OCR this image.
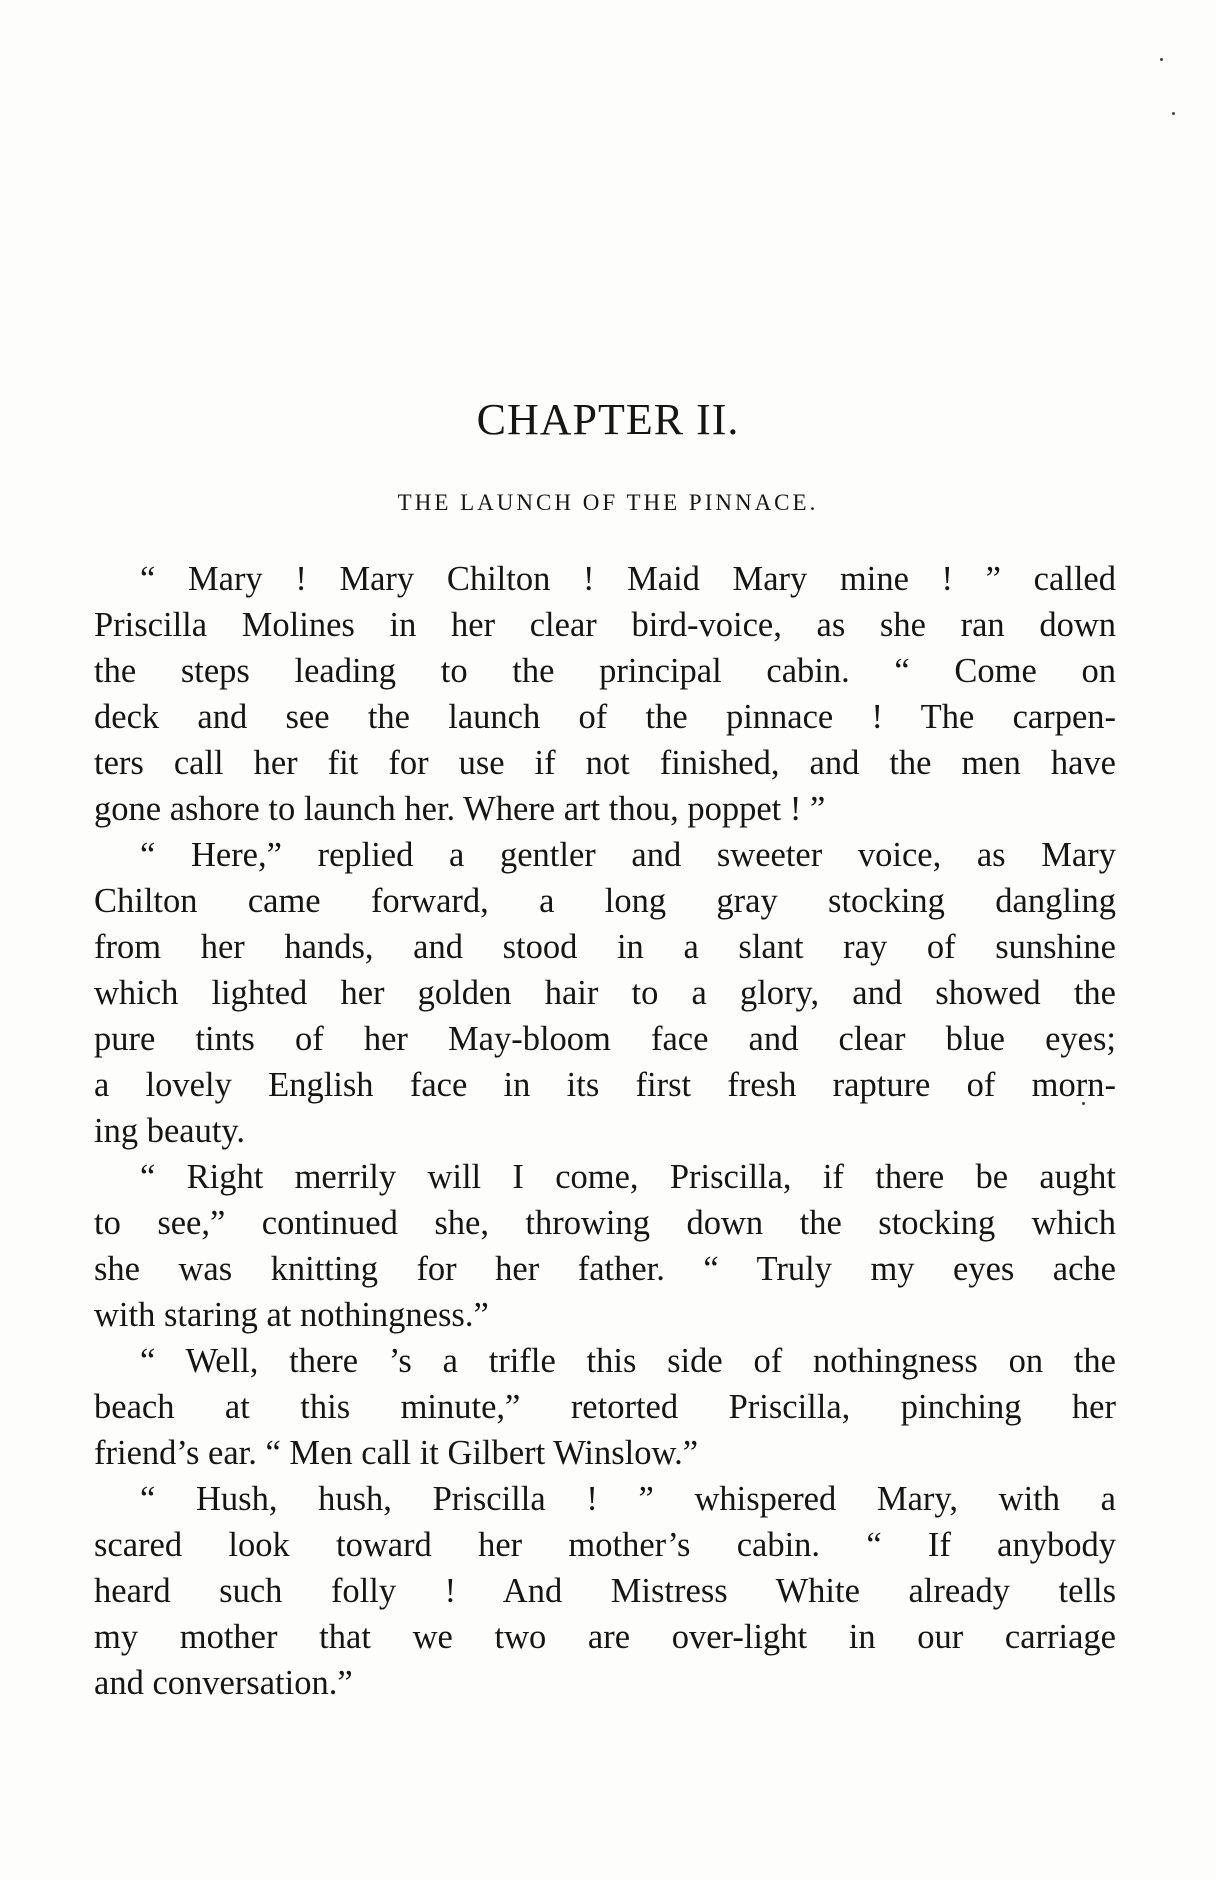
CHAPTER II.
THE LAUNCH OF THE PINNACE.
“ Mary ! Mary Chilton ! Maid Mary mine ! ” called
Priscilla Molines in her clear bird-voice, as she ran down
the steps leading to the principal cabin. “ Come on
deck and see the launch of the pinnace ! The carpen-
ters call her fit for use if not finished, and the men have
gone ashore to launch her. Where art thou, poppet ! ”
“ Here,” replied a gentler and sweeter voice, as Mary
Chilton came forward, a long gray stocking dangling
from her hands, and stood in a slant ray of sunshine
which lighted her golden hair to a glory, and showed the
pure tints of her May-bloom face and clear blue eyes;
a lovely English face in its first fresh rapture of morn-
ing beauty.
“ Right merrily will I come, Priscilla, if there be aught
to see,” continued she, throwing down the stocking which
she was knitting for her father. “ Truly my eyes ache
with staring at nothingness.”
“ Well, there ’s a trifle this side of nothingness on the
beach at this minute,” retorted Priscilla, pinching her
friend’s ear. “ Men call it Gilbert Winslow.”
“ Hush, hush, Priscilla ! ” whispered Mary, with a
scared look toward her mother’s cabin. “ If anybody
heard such folly ! And Mistress White already tells
my mother that we two are over-light in our carriage
and conversation.”
